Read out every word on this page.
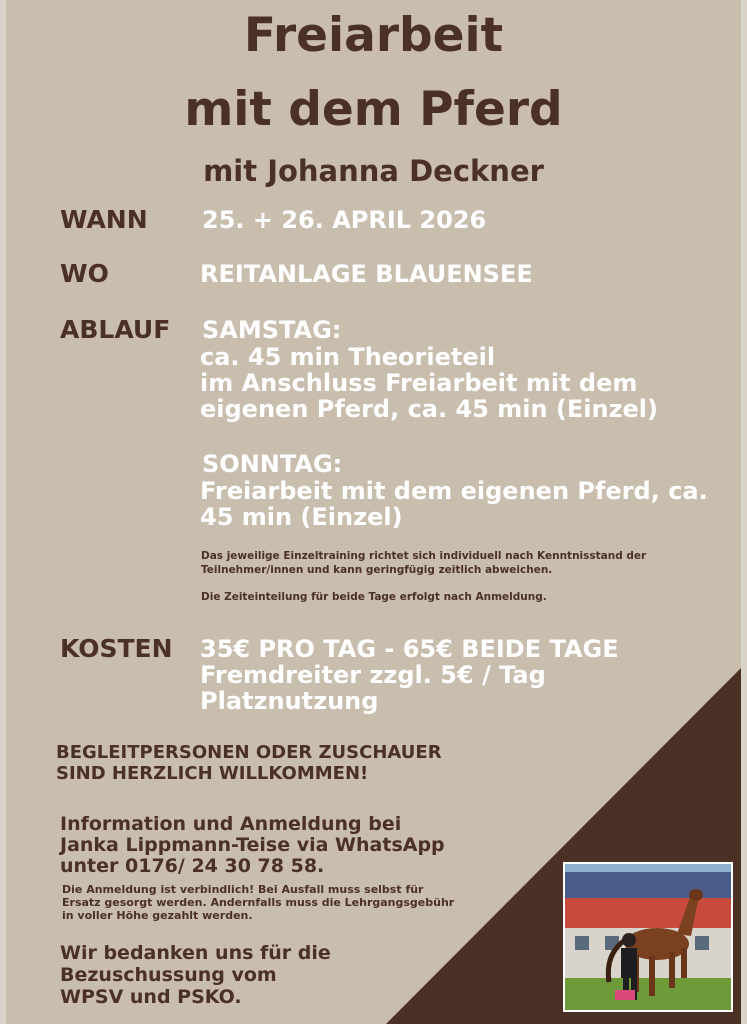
Freiarbeit
mit dem Pferd
mit Johanna Deckner
WANN 25. + 26. APRIL 2026
WO	REITANLAGE BLAUENSEE
ABLAUF SAMSTAG:
ca. 45 min Theorieteil
im Anschluss Freiarbeit mit dem
eigenen Pferd, ca. 45 min (Einzel)
SONNTAG:
Freiarbeit mit dem eigenen Pferd, ca.
45 min (Einzel)
Das jeweilige Einzeltraining richtet sich individuell nach Kenntnisstand der
Teilnehmer/innen und kann geringfügig zeitlich abweichen.
Die Zeiteinteilung für beide Tage erfolgt nach Anmeldung.
KOSTEN 35€ PRO TAG - 65€ BEIDE TAGE
Fremdreiter zzgl. 5€ / Tag
Platznutzung
BEGLEITPERSONEN ODER ZUSCHAUER
SIND HERZLICH WILLKOMMEN!
Information und Anmeldung bei
Janka Lippmann-Teise via WhatsApp
unter 0176/ 24 30 78 58.
Die Anmeldung ist verbindlich! Bei Ausfall muss selbst für
Ersatz gesorgt werden. Andernfalls muss die Lehrgangsgebühr
in voller Höhe gezahlt werden.
Wir bedanken uns für die
Bezuschussung vom
WPSV und PSKO.
